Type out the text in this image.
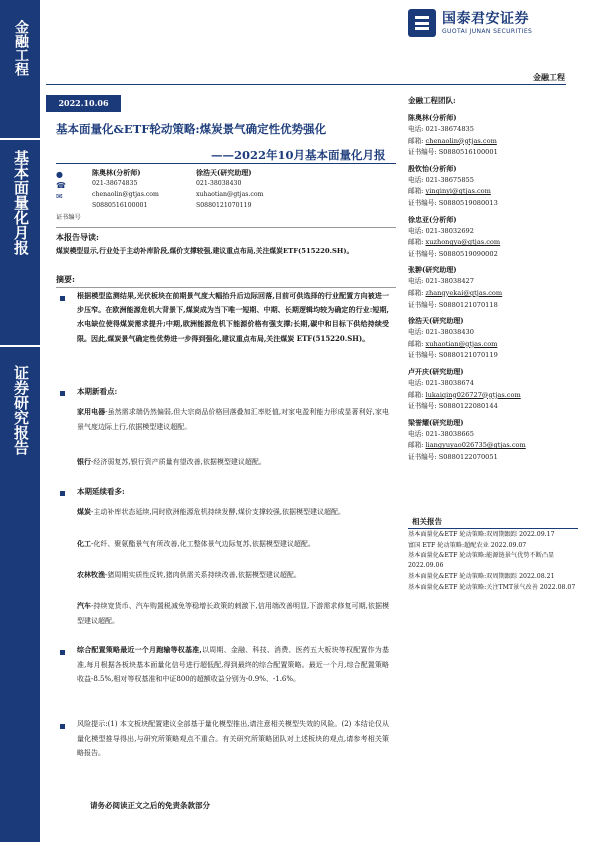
金融工程
基本面量化月报
证券研究报告
国泰君安证券
GUOTAI JUNAN SECURITIES
金融工程
2022.10.06
基本面量化&ETF轮动策略:煤炭景气确定性优势强化
——2022年10月基本面量化月报
●
☎
✉
证书编号
陈奥林(分析师)
021-38674835
chenaolin@gtjas.com
S0880516100001
徐浩天(研究助理)
021-38038430
xuhaotian@gtjas.com
S0880121070119
本报告导读:
煤炭模型显示,行业处于主动补库阶段,煤价支撑较强,建议重点布局,关注煤炭ETF(515220.SH)。
摘要:
根据模型监测结果,光伏板块在前期景气度大幅抬升后边际回落,目前可供选择的行业配置方向被进一步压窄。在欧洲能源危机大背景下,煤炭成为当下唯一短期、中期、长期逻辑均较为确定的行业:短期,水电缺位使得煤炭需求提升;中期,欧洲能源危机下能源价格有强支撑;长期,碳中和目标下供给持续受限。因此,煤炭景气确定性优势进一步得到强化,建议重点布局,关注煤炭 ETF(515220.SH)。
本期新看点:
家用电器-虽然需求端仍然偏弱,但大宗商品价格回落叠加汇率贬值,对家电盈利能力形成显著利好,家电景气度边际上行,依据模型建议超配。
银行-经济弱复苏,银行资产质量有望改善,依据模型建议超配。
本期延续看多:
煤炭-主动补库状态延续,同时欧洲能源危机持续发酵,煤价支撑较强,依据模型建议超配。
化工-化纤、聚氨酯景气有所改善,化工整体景气边际复苏,依据模型建议超配。
农林牧渔-猪周期实质性反转,猪肉供需关系持续改善,依据模型建议超配。
汽车-持续宽货币、汽车购置税减免等稳增长政策的刺激下,信用端改善明显,下游需求修复可期,依据模型建议超配。
综合配置策略最近一个月跑输等权基准,以周期、金融、科技、消费、医药五大板块等权配置作为基准,每月根据各板块基本面量化信号进行超低配,得到最终的综合配置策略。最近一个月,综合配置策略收益-8.5%,相对等权基准和中证800的超额收益分别为-0.9%、-1.6%。
风险提示:(1) 本文板块配置建议全部基于量化模型推出,请注意相关模型失效的风险。(2) 本结论仅从量化模型推导得出,与研究所策略观点不重合。有关研究所策略团队对上述板块的观点,请参考相关策略报告。
请务必阅读正文之后的免责条款部分
金融工程团队:
陈奥林(分析师)
电话: 021-38674835
邮箱: chenaolin@gtjas.com
证书编号: S0880516100001
殷钦怡(分析师)
电话: 021-38675855
邮箱: yinqinyi@gtjas.com
证书编号: S0880519080013
徐忠亚(分析师)
电话: 021-38032692
邮箱: xuzhongya@gtjas.com
证书编号: S0880519090002
张翀(研究助理)
电话: 021-38038427
邮箱: zhangyekai@gtjas.com
证书编号: S0880121070118
徐浩天(研究助理)
电话: 021-38038430
邮箱: xuhaotian@gtjas.com
证书编号: S0880121070119
卢开庆(研究助理)
电话: 021-38038674
邮箱: lukaiqing026727@gtjas.com
证书编号: S0880122080144
梁誉耀(研究助理)
电话: 021-38038665
邮箱: liangyuyao026735@gtjas.com
证书编号: S0880122070051
相关报告
基本面量化&ETF 轮动策略:双周期跟踪 2022.09.17
富国 ETF 轮动策略:超配农业 2022.09.07
基本面量化&ETF 轮动策略:能源链景气优势不断凸显 2022.09.06
基本面量化&ETF 轮动策略:双周期跟踪 2022.08.21
基本面量化&ETF 轮动策略:关注TMT景气改善 2022.08.07
